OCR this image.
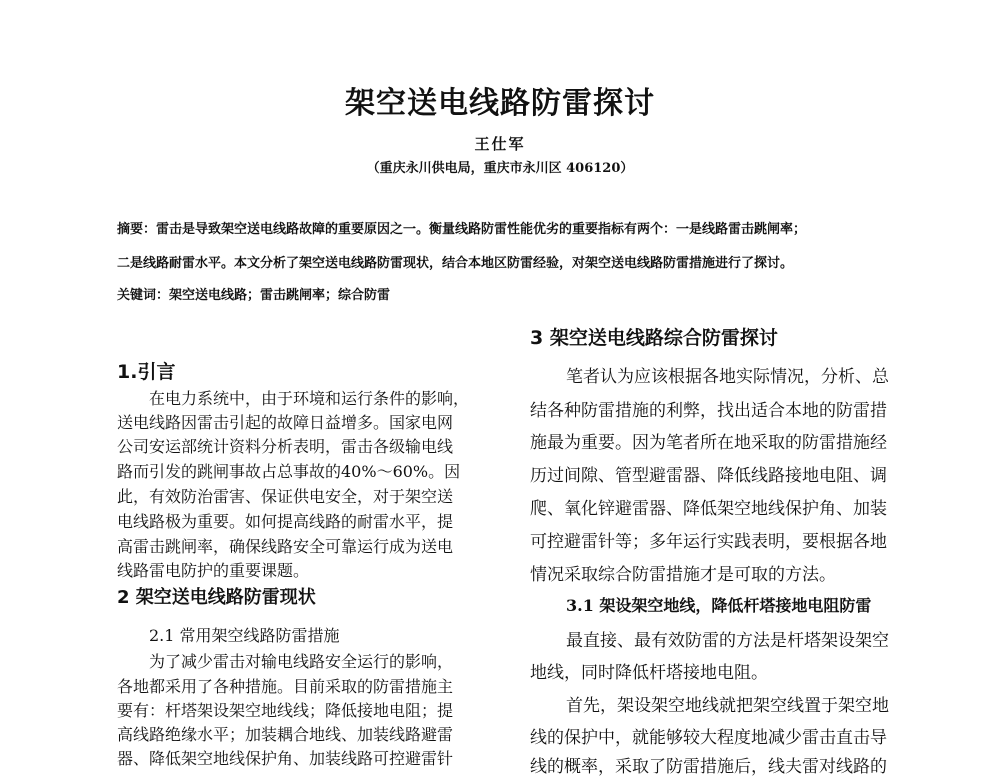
架空送电线路防雷探讨
王仕军
（重庆永川供电局，重庆市永川区 406120）
摘要：雷击是导致架空送电线路故障的重要原因之一。衡量线路防雷性能优劣的重要指标有两个：一是线路雷击跳闸率；
二是线路耐雷水平。本文分析了架空送电线路防雷现状，结合本地区防雷经验，对架空送电线路防雷措施进行了探讨。
关键词：架空送电线路；雷击跳闸率；综合防雷
1.引言
在电力系统中，由于环境和运行条件的影响，
送电线路因雷击引起的故障日益增多。国家电网
公司安运部统计资料分析表明，雷击各级输电线
路而引发的跳闸事故占总事故的40%～60%。因
此，有效防治雷害、保证供电安全，对于架空送
电线路极为重要。如何提高线路的耐雷水平，提
高雷击跳闸率，确保线路安全可靠运行成为送电
线路雷电防护的重要课题。
2 架空送电线路防雷现状
2.1 常用架空线路防雷措施
为了减少雷击对输电线路安全运行的影响，
各地都采用了各种措施。目前采取的防雷措施主
要有：杆塔架设架空地线线；降低接地电阻；提
高线路绝缘水平；加装耦合地线、加装线路避雷
器、降低架空地线保护角、加装线路可控避雷针
3 架空送电线路综合防雷探讨
笔者认为应该根据各地实际情况，分析、总
结各种防雷措施的利弊，找出适合本地的防雷措
施最为重要。因为笔者所在地采取的防雷措施经
历过间隙、管型避雷器、降低线路接地电阻、调
爬、氧化锌避雷器、降低架空地线保护角、加装
可控避雷针等；多年运行实践表明，要根据各地
情况采取综合防雷措施才是可取的方法。
3.1 架设架空地线，降低杆塔接地电阻防雷
最直接、最有效防雷的方法是杆塔架设架空
地线，同时降低杆塔接地电阻。
首先，架设架空地线就把架空线置于架空地
线的保护中，就能够较大程度地减少雷击直击导
线的概率，采取了防雷措施后，线夫雷对线路的
